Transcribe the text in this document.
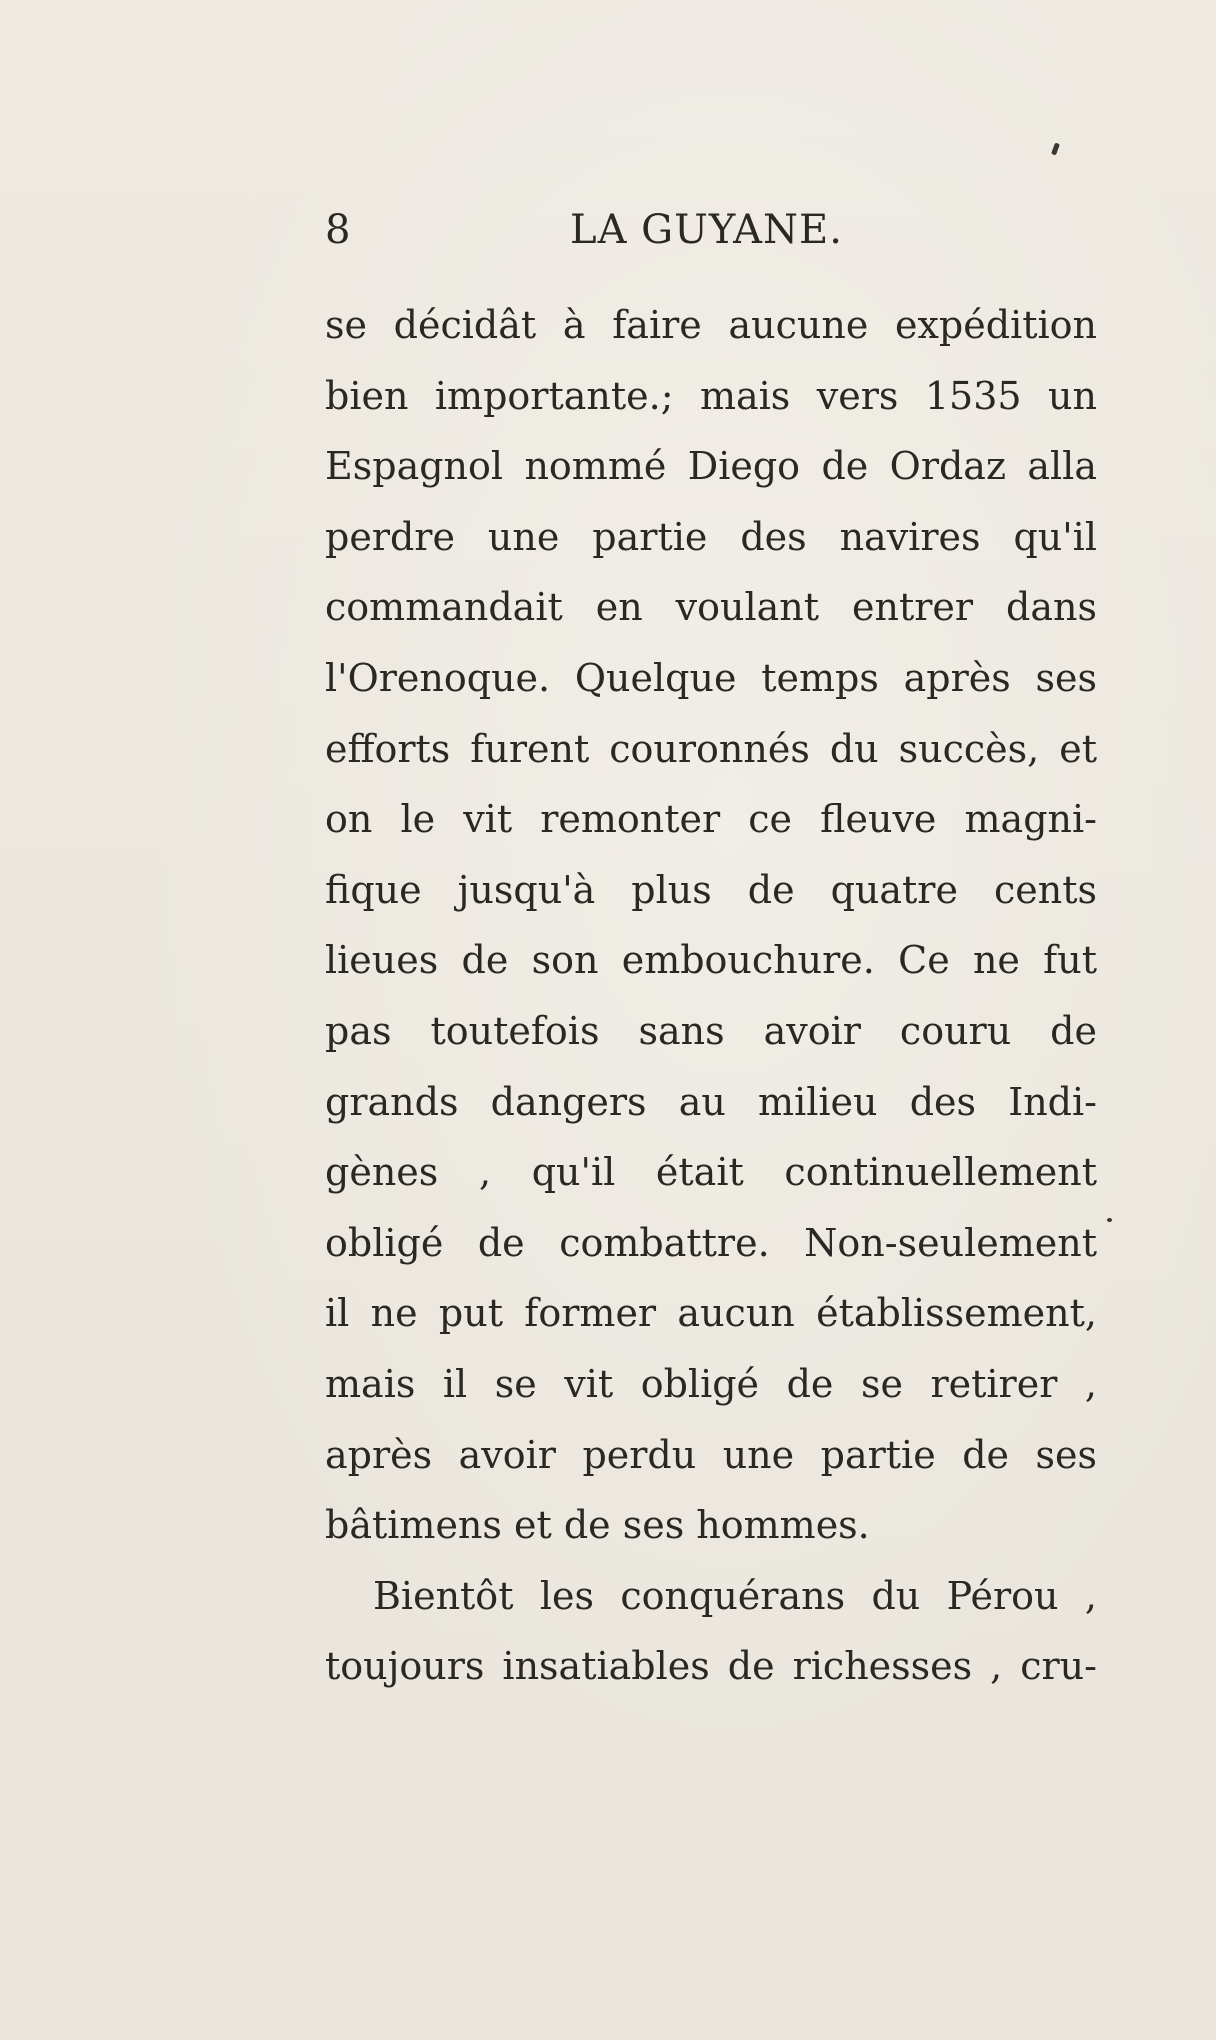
8	LA GUYANE.
se décidât à faire aucune expédition
bien importante.; mais vers 1535 un
Espagnol nommé Diego de Ordaz alla
perdre une partie des navires qu'il
commandait en voulant entrer dans
l'Orenoque. Quelque temps après ses
efforts furent couronnés du succès, et
on le vit remonter ce fleuve magni-
fique jusqu'à plus de quatre cents
lieues de son embouchure. Ce ne fut
pas toutefois sans avoir couru de
grands dangers au milieu des Indi-
gènes , qu'il était continuellement
obligé de combattre. Non-seulement
il ne put former aucun établissement,
mais il se vit obligé de se retirer ,
après avoir perdu une partie de ses
bâtimens et de ses hommes.
Bientôt les conquérans du Pérou ,
toujours insatiables de richesses , cru-
